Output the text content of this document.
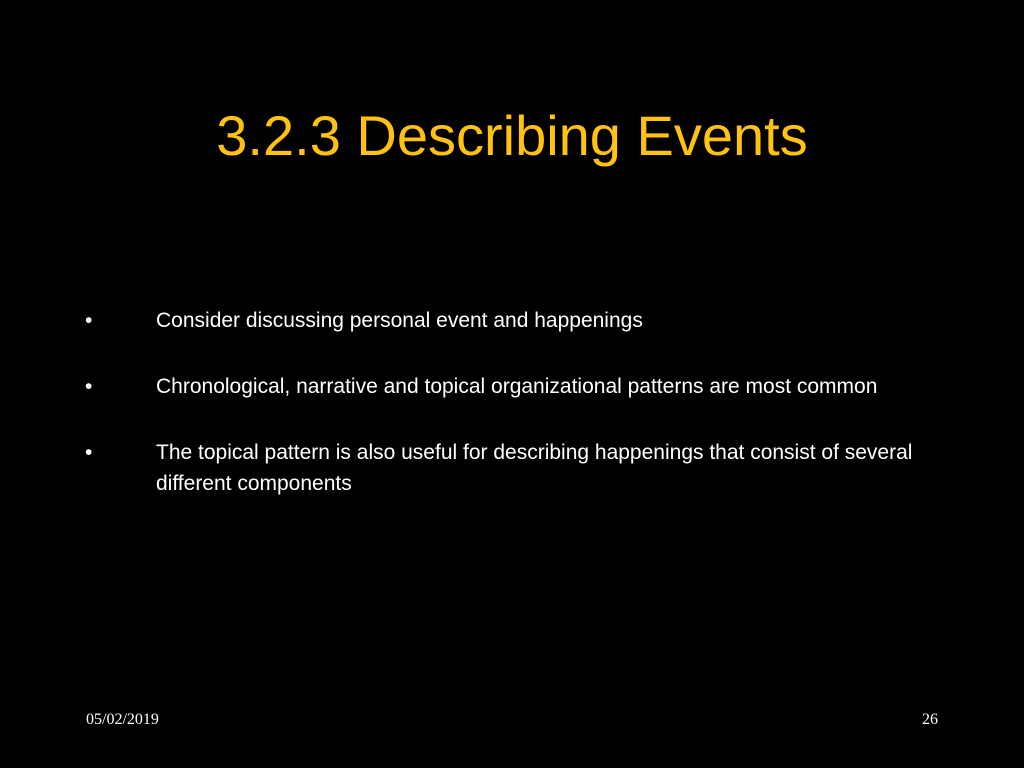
3.2.3 Describing Events
•	Consider discussing personal event and happenings
•	Chronological, narrative and topical organizational patterns are most common
•	The topical pattern is also useful for describing happenings that consist of several different components
05/02/2019	26
